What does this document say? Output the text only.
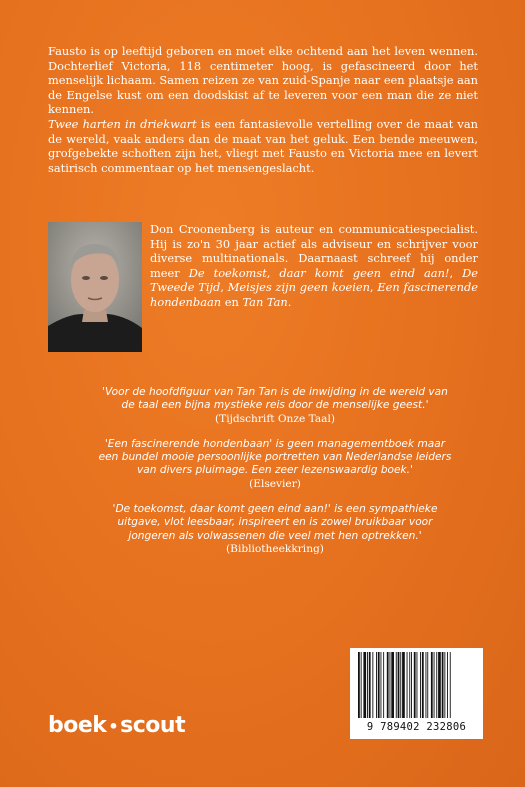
Fausto is op leeftijd geboren en moet elke ochtend aan het leven wennen. Dochterlief Victoria, 118 centimeter hoog, is gefascineerd door het menselijk lichaam. Samen reizen ze van zuid-Spanje naar een plaatsje aan de Engelse kust om een doodskist af te leveren voor een man die ze niet kennen.

Twee harten in driekwart is een fantasievolle vertelling over de maat van de wereld, vaak anders dan de maat van het geluk. Een bende meeuwen, grofgebekte schoften zijn het, vliegt met Fausto en Victoria mee en levert satirisch commentaar op het mensengeslacht.

Don Croonenberg is auteur en communicatiespecialist. Hij is zo'n 30 jaar actief als adviseur en schrijver voor diverse multinationals. Daarnaast schreef hij onder meer De toekomst, daar komt geen eind aan!, De Tweede Tijd, Meisjes zijn geen koeien, Een fascinerende hondenbaan en Tan Tan.

'Voor de hoofdfiguur van Tan Tan is de inwijding in de wereld van de taal een bijna mystieke reis door de menselijke geest.'

(Tijdschrift Onze Taal)

'Een fascinerende hondenbaan' is geen managementboek maar een bundel mooie persoonlijke portretten van Nederlandse leiders van divers pluimage. Een zeer lezenswaardig boek.'

(Elsevier)

'De toekomst, daar komt geen eind aan!' is een sympathieke uitgave, vlot leesbaar, inspireert en is zowel bruikbaar voor jongeren als volwassenen die veel met hen optrekken.'

(Bibliotheekkring)

boek • scout	9 789402 232806
